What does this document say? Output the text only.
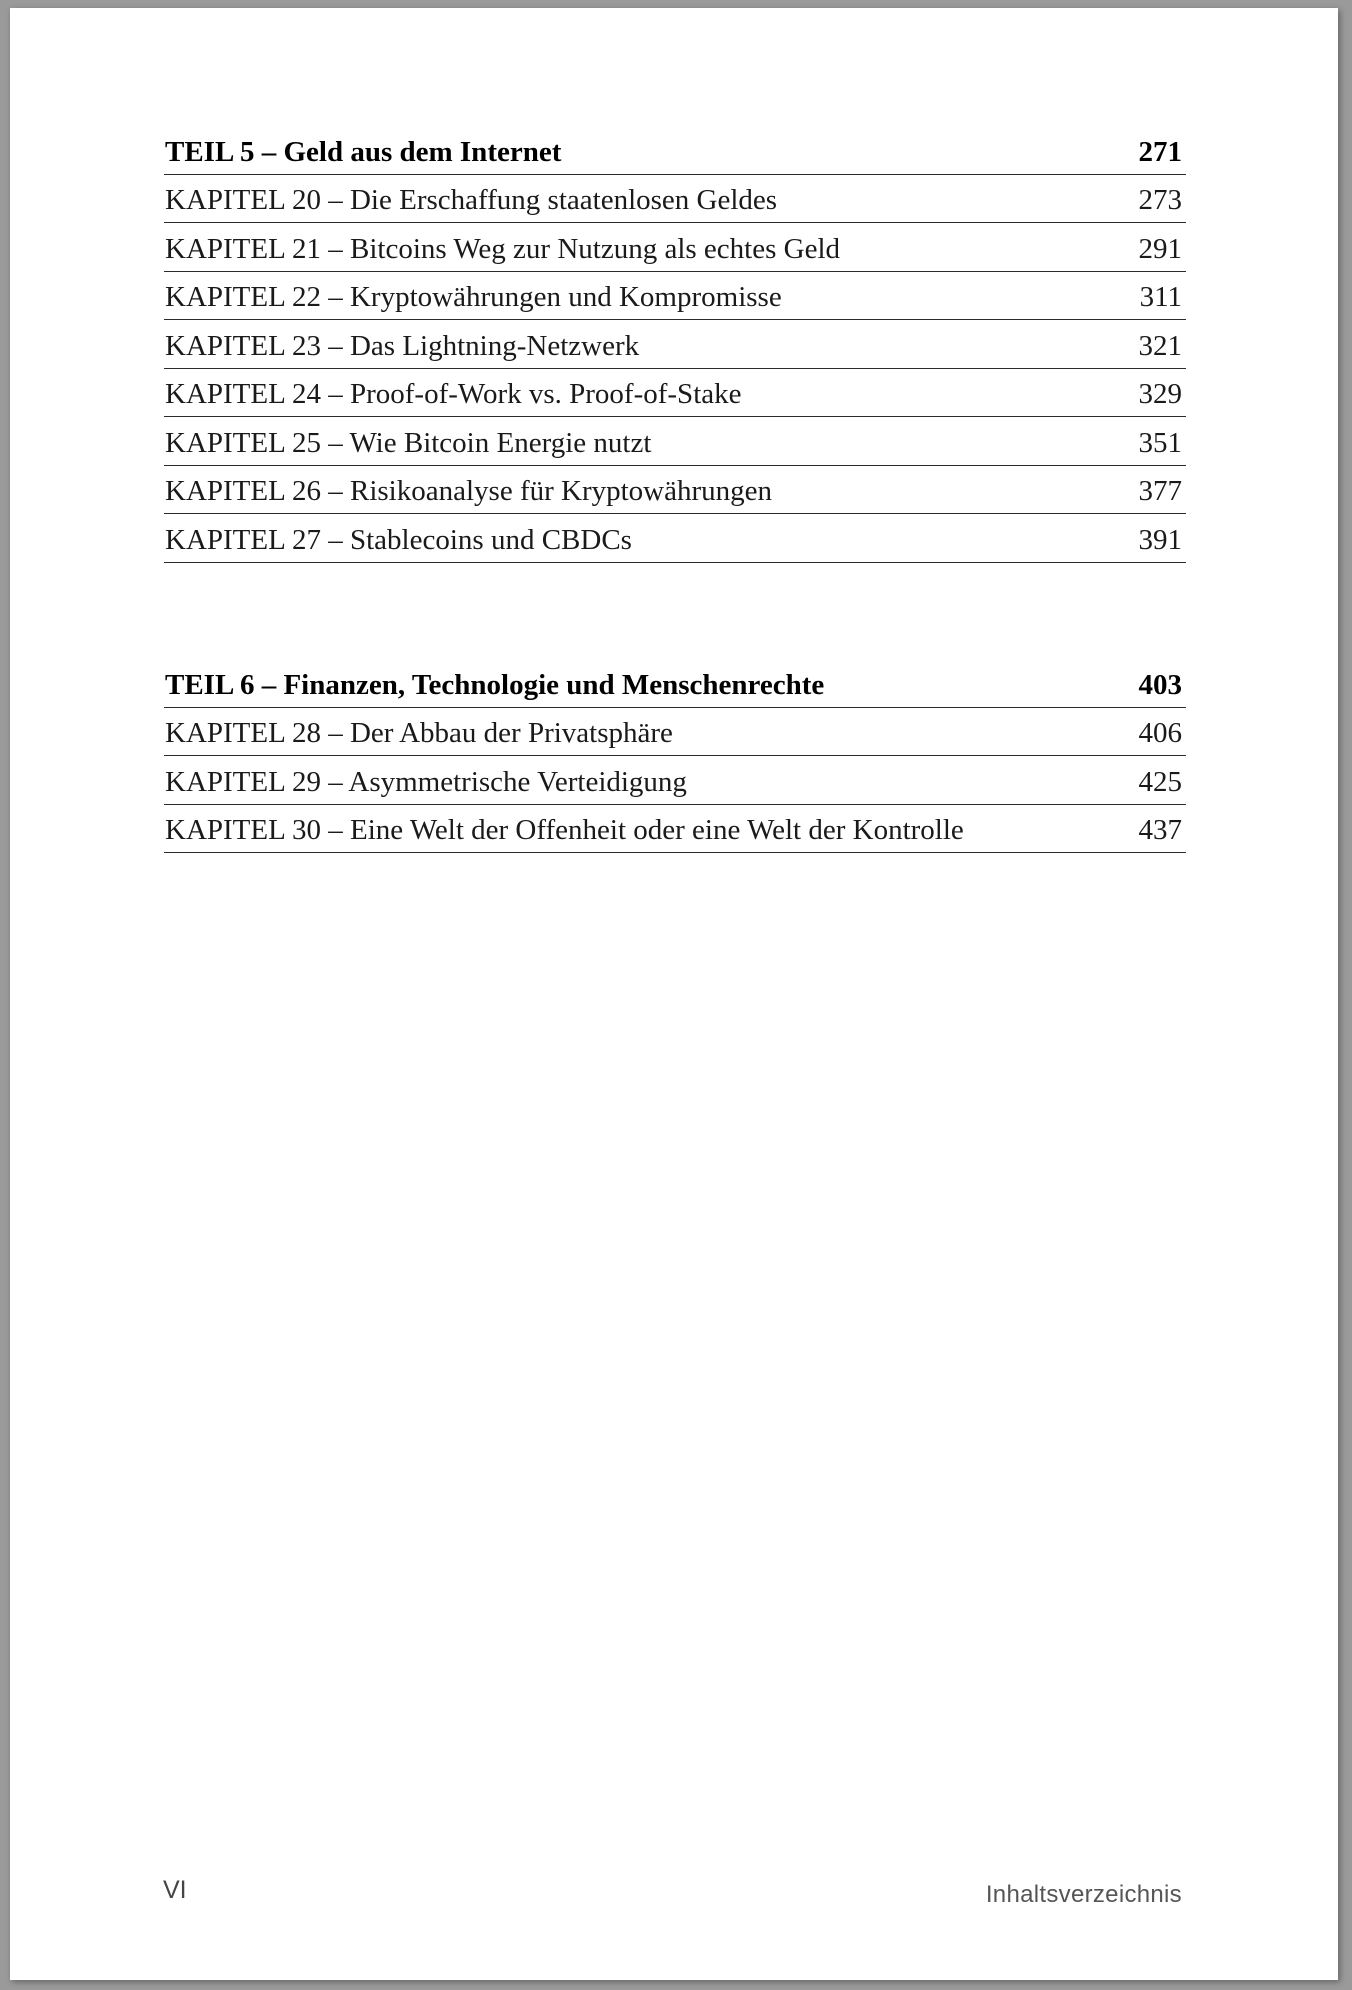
TEIL 5 – Geld aus dem Internet	271
KAPITEL 20 – Die Erschaffung staatenlosen Geldes	273
KAPITEL 21 – Bitcoins Weg zur Nutzung als echtes Geld	291
KAPITEL 22 – Kryptowährungen und Kompromisse	311
KAPITEL 23 – Das Lightning-Netzwerk	321
KAPITEL 24 – Proof-of-Work vs. Proof-of-Stake	329
KAPITEL 25 – Wie Bitcoin Energie nutzt	351
KAPITEL 26 – Risikoanalyse für Kryptowährungen	377
KAPITEL 27 – Stablecoins und CBDCs	391
TEIL 6 – Finanzen, Technologie und Menschenrechte	403
KAPITEL 28 – Der Abbau der Privatsphäre	406
KAPITEL 29 – Asymmetrische Verteidigung	425
KAPITEL 30 – Eine Welt der Offenheit oder eine Welt der Kontrolle	437
VI	Inhaltsverzeichnis
